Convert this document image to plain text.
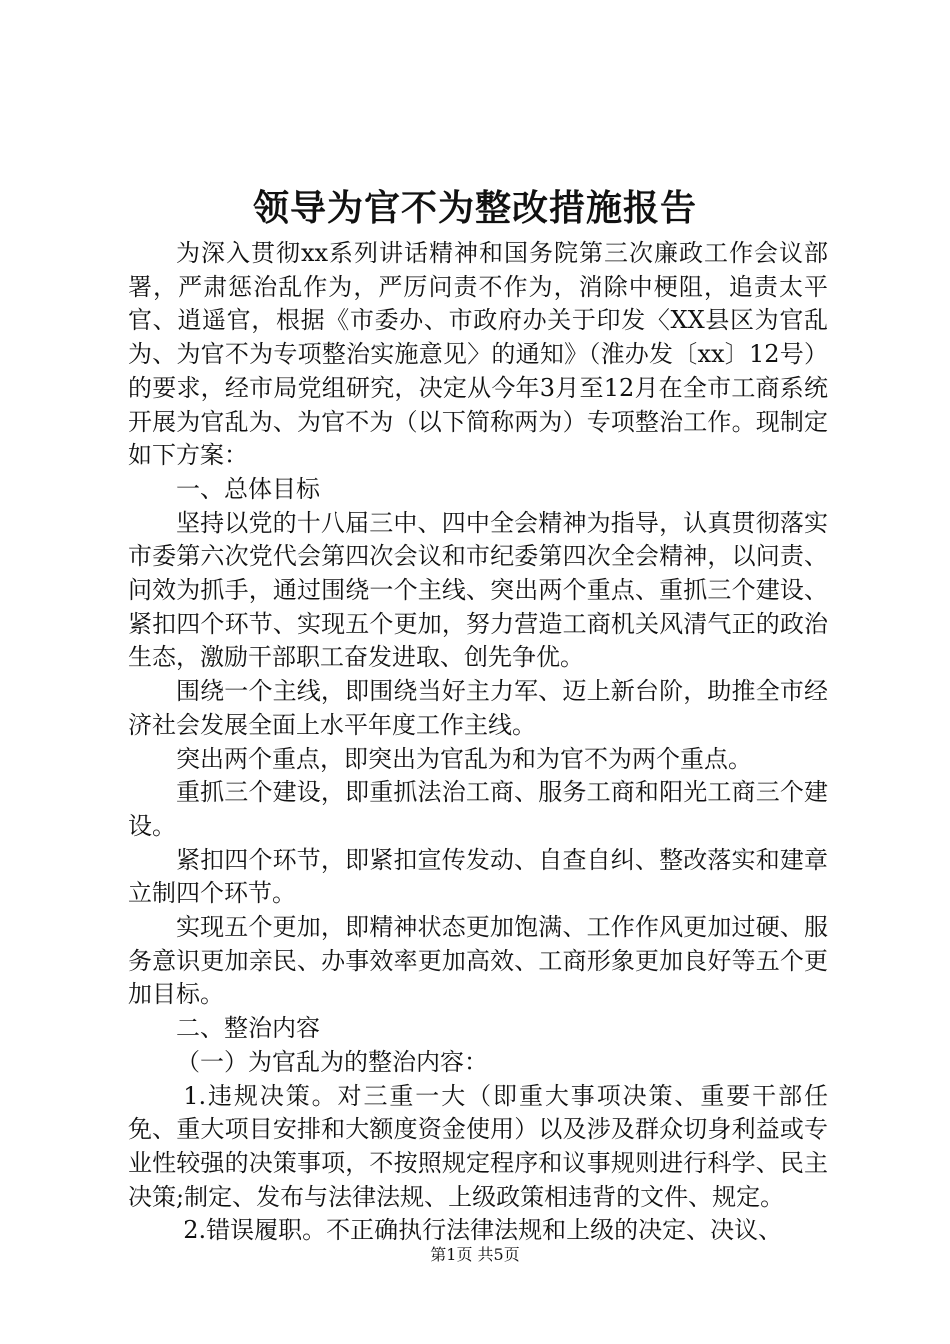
领导为官不为整改措施报告

为深入贯彻xx系列讲话精神和国务院第三次廉政工作会议部署，严肃惩治乱作为，严厉问责不作为，消除中梗阻，追责太平官、逍遥官，根据《市委办、市政府办关于印发〈XX县区为官乱为、为官不为专项整治实施意见〉的通知》（淮办发〔xx〕12号）的要求，经市局党组研究，决定从今年3月至12月在全市工商系统开展为官乱为、为官不为（以下简称两为）专项整治工作。现制定如下方案：

一、总体目标

坚持以党的十八届三中、四中全会精神为指导，认真贯彻落实市委第六次党代会第四次会议和市纪委第四次全会精神，以问责、问效为抓手，通过围绕一个主线、突出两个重点、重抓三个建设、紧扣四个环节、实现五个更加，努力营造工商机关风清气正的政治生态，激励干部职工奋发进取、创先争优。

围绕一个主线，即围绕当好主力军、迈上新台阶，助推全市经济社会发展全面上水平年度工作主线。

突出两个重点，即突出为官乱为和为官不为两个重点。

重抓三个建设，即重抓法治工商、服务工商和阳光工商三个建设。

紧扣四个环节，即紧扣宣传发动、自查自纠、整改落实和建章立制四个环节。

实现五个更加，即精神状态更加饱满、工作作风更加过硬、服务意识更加亲民、办事效率更加高效、工商形象更加良好等五个更加目标。

二、整治内容

（一）为官乱为的整治内容：

1.违规决策。对三重一大（即重大事项决策、重要干部任免、重大项目安排和大额度资金使用）以及涉及群众切身利益或专业性较强的决策事项，不按照规定程序和议事规则进行科学、民主决策;制定、发布与法律法规、上级政策相违背的文件、规定。

2.错误履职。不正确执行法律法规和上级的决定、决议、

第1页 共5页
